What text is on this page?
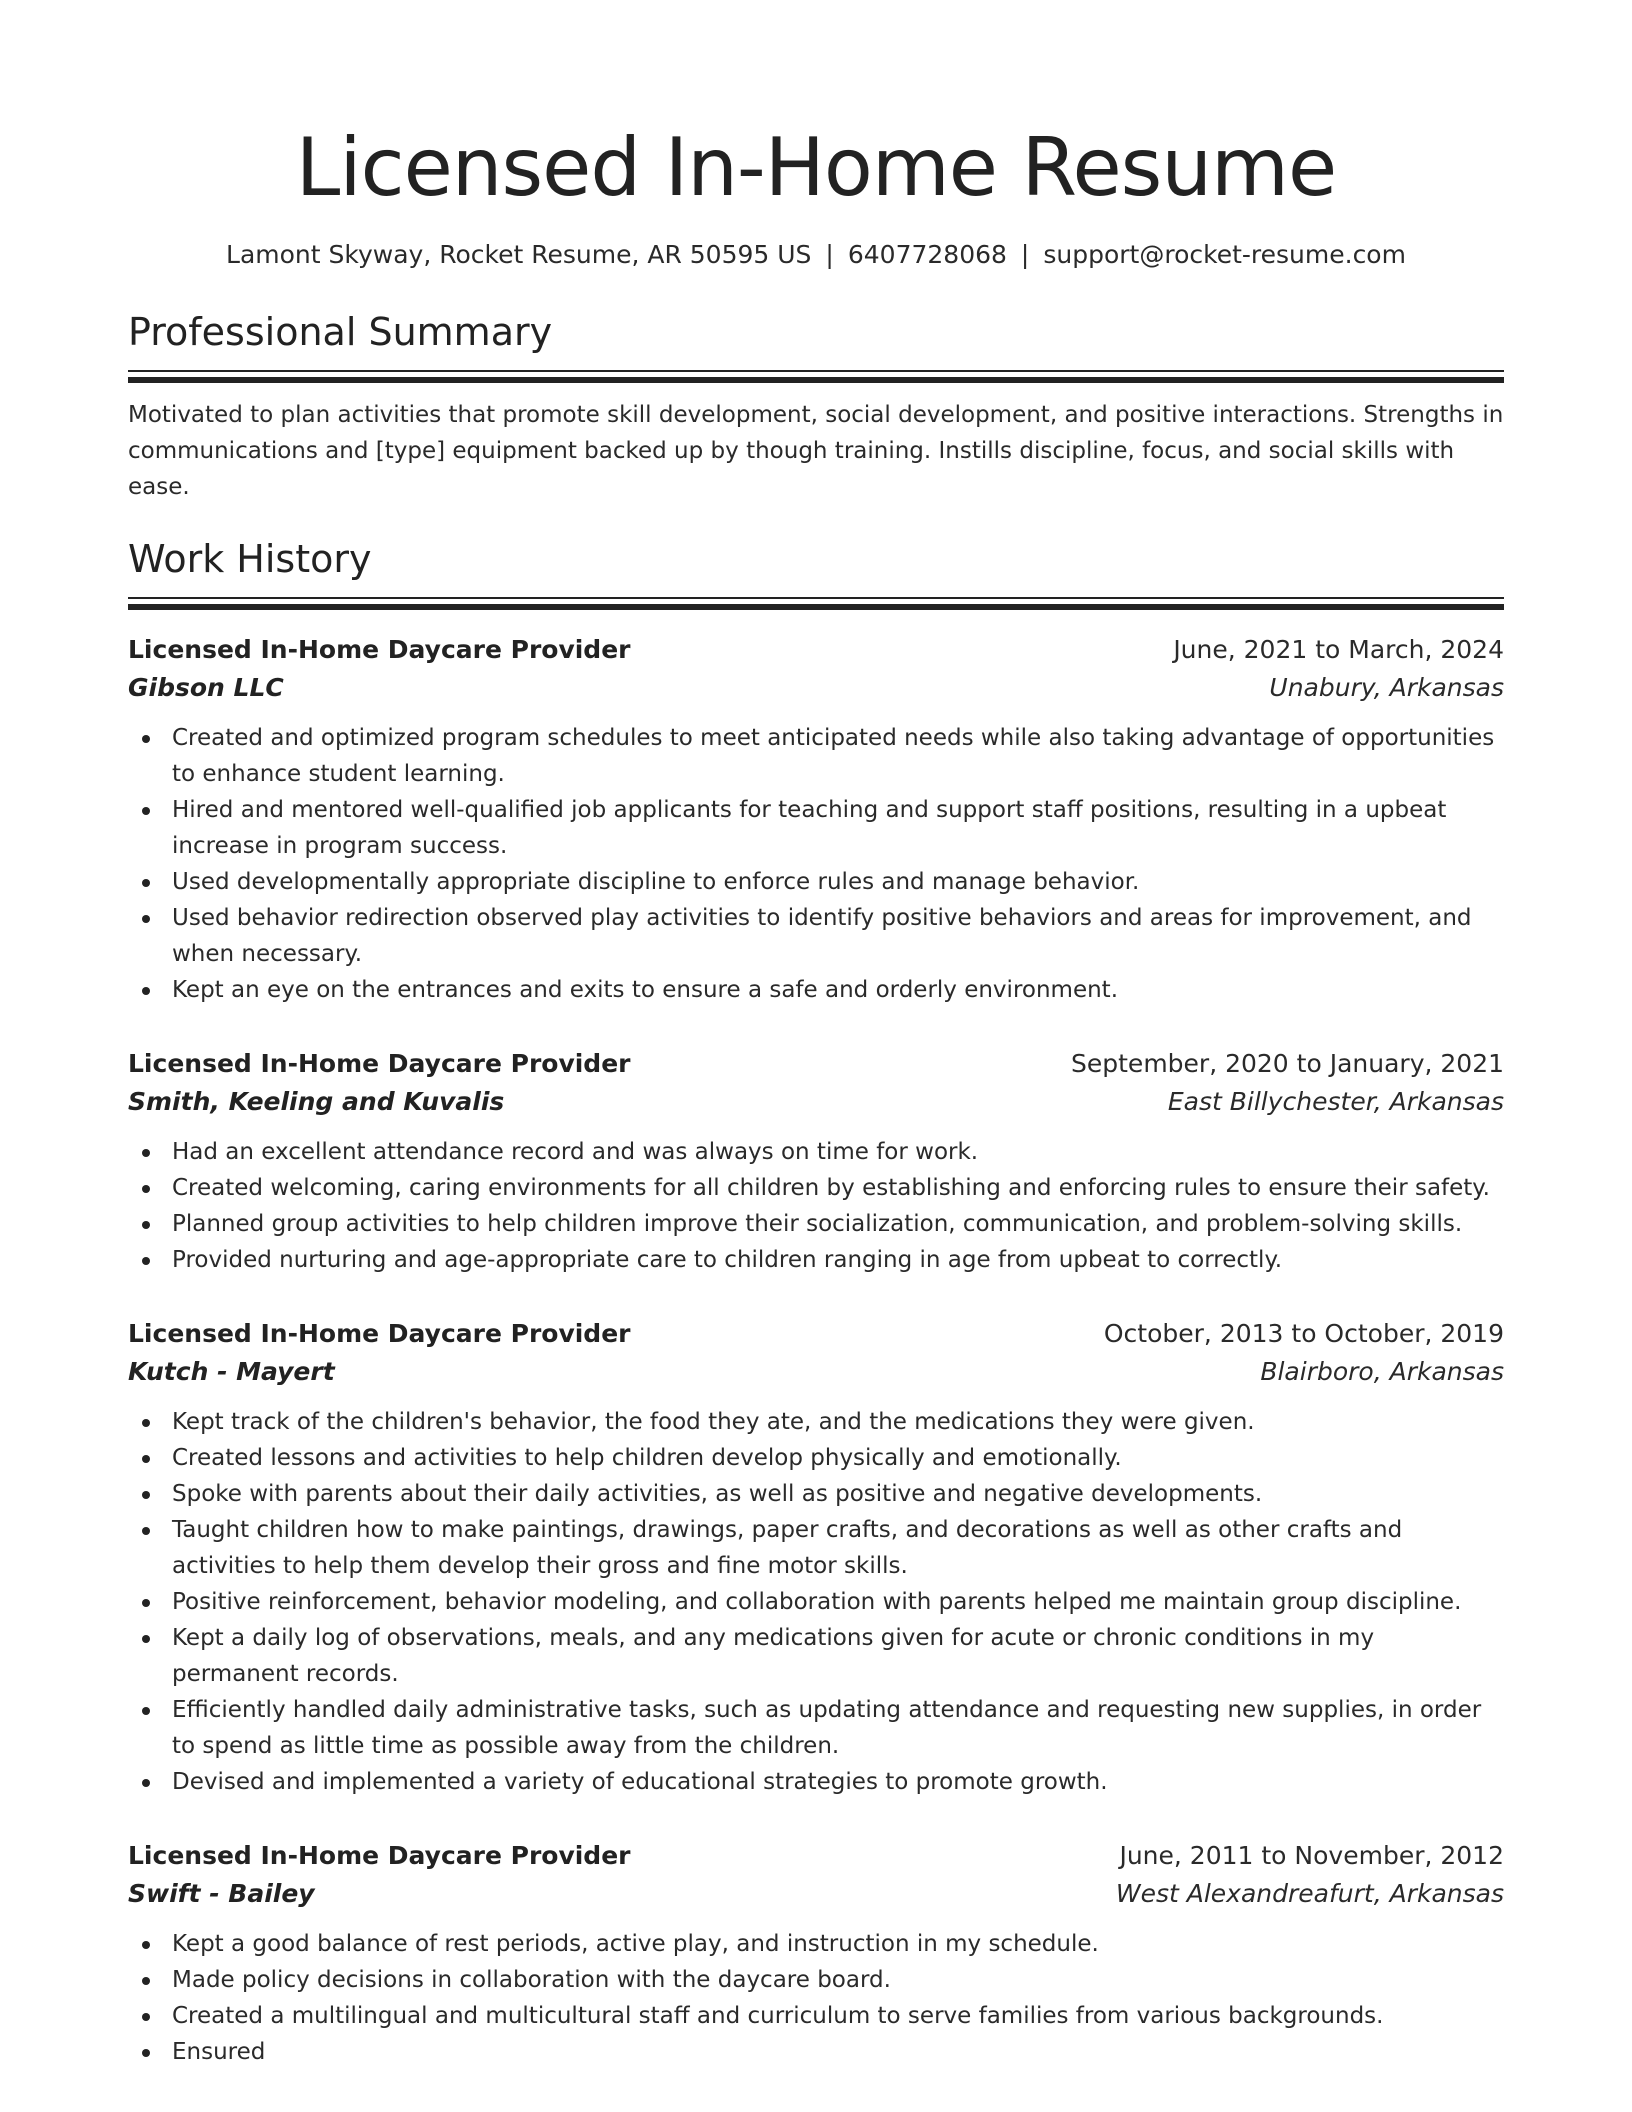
Licensed In-Home Resume
Lamont Skyway, Rocket Resume, AR 50595 US | 6407728068 | support@rocket-resume.com
Professional Summary

Motivated to plan activities that promote skill development, social development, and positive interactions. Strengths in communications and [type] equipment backed up by though training. Instills discipline, focus, and social skills with ease.

Work History
Licensed In-Home Daycare Provider	June, 2021 to March, 2024
Gibson LLC	Unabury, Arkansas
Created and optimized program schedules to meet anticipated needs while also taking advantage of opportunities to enhance student learning.
Hired and mentored well-qualified job applicants for teaching and support staff positions, resulting in a upbeat increase in program success.
Used developmentally appropriate discipline to enforce rules and manage behavior.
Used behavior redirection observed play activities to identify positive behaviors and areas for improvement, and when necessary.
Kept an eye on the entrances and exits to ensure a safe and orderly environment.
Licensed In-Home Daycare Provider	September, 2020 to January, 2021
Smith, Keeling and Kuvalis	East Billychester, Arkansas
Had an excellent attendance record and was always on time for work.
Created welcoming, caring environments for all children by establishing and enforcing rules to ensure their safety.
Planned group activities to help children improve their socialization, communication, and problem-solving skills.
Provided nurturing and age-appropriate care to children ranging in age from upbeat to correctly.
Licensed In-Home Daycare Provider	October, 2013 to October, 2019
Kutch - Mayert	Blairboro, Arkansas
Kept track of the children's behavior, the food they ate, and the medications they were given.
Created lessons and activities to help children develop physically and emotionally.
Spoke with parents about their daily activities, as well as positive and negative developments.
Taught children how to make paintings, drawings, paper crafts, and decorations as well as other crafts and activities to help them develop their gross and fine motor skills.
Positive reinforcement, behavior modeling, and collaboration with parents helped me maintain group discipline.
Kept a daily log of observations, meals, and any medications given for acute or chronic conditions in my permanent records.
Efficiently handled daily administrative tasks, such as updating attendance and requesting new supplies, in order to spend as little time as possible away from the children.
Devised and implemented a variety of educational strategies to promote growth.
Licensed In-Home Daycare Provider	June, 2011 to November, 2012
Swift - Bailey	West Alexandreafurt, Arkansas
Kept a good balance of rest periods, active play, and instruction in my schedule.
Made policy decisions in collaboration with the daycare board.
Created a multilingual and multicultural staff and curriculum to serve families from various backgrounds.
Ensured
